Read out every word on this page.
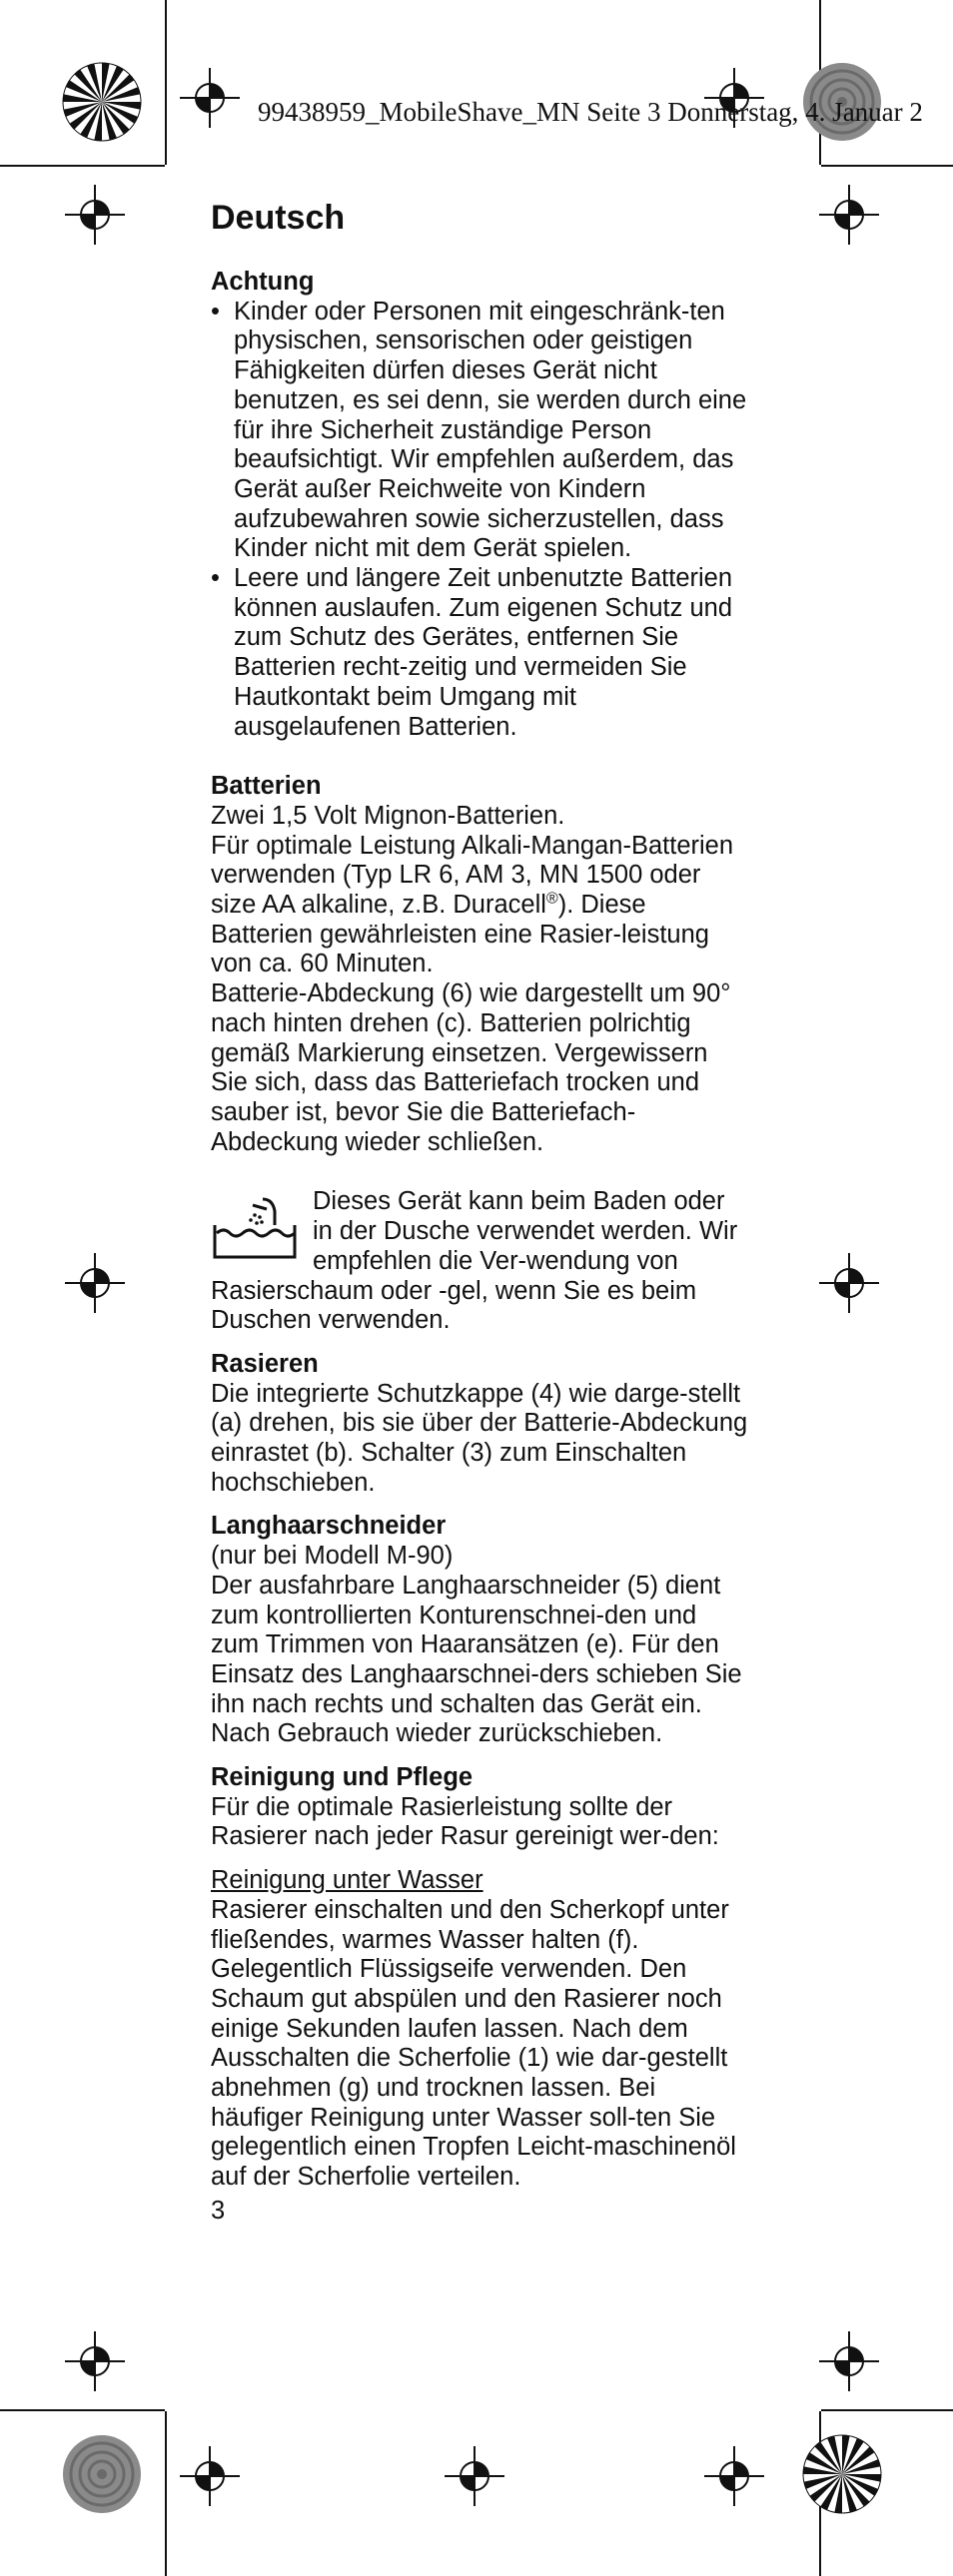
99438959_MobileShave_MN Seite 3 Donnerstag, 4. Januar 2
Deutsch

Achtung

• Kinder oder Personen mit eingeschränk-ten physischen, sensorischen oder geistigen Fähigkeiten dürfen dieses Gerät nicht benutzen, es sei denn, sie werden durch eine für ihre Sicherheit zuständige Person beaufsichtigt. Wir empfehlen außerdem, das Gerät außer Reichweite von Kindern aufzubewahren sowie sicherzustellen, dass Kinder nicht mit dem Gerät spielen.
• Leere und längere Zeit unbenutzte Batterien können auslaufen. Zum eigenen Schutz und zum Schutz des Gerätes, entfernen Sie Batterien recht-zeitig und vermeiden Sie Hautkontakt beim Umgang mit ausgelaufenen Batterien.

Batterien

Zwei 1,5 Volt Mignon-Batterien.

Für optimale Leistung Alkali-Mangan-Batterien verwenden (Typ LR 6, AM 3, MN 1500 oder size AA alkaline, z.B. Duracell®). Diese Batterien gewährleisten eine Rasier-leistung von ca. 60 Minuten.

Batterie-Abdeckung (6) wie dargestellt um 90° nach hinten drehen (c). Batterien polrichtig gemäß Markierung einsetzen. Vergewissern Sie sich, dass das Batteriefach trocken und sauber ist, bevor Sie die Batteriefach-Abdeckung wieder schließen.

Dieses Gerät kann beim Baden oder in der Dusche verwendet werden. Wir empfehlen die Ver-wendung von Rasierschaum oder -gel, wenn Sie es beim Duschen verwenden.

Rasieren

Die integrierte Schutzkappe (4) wie darge-stellt (a) drehen, bis sie über der Batterie-Abdeckung einrastet (b). Schalter (3) zum Einschalten hochschieben.

Langhaarschneider

(nur bei Modell M-90)

Der ausfahrbare Langhaarschneider (5) dient zum kontrollierten Konturenschnei-den und zum Trimmen von Haaransätzen (e). Für den Einsatz des Langhaarschnei-ders schieben Sie ihn nach rechts und schalten das Gerät ein.

Nach Gebrauch wieder zurückschieben.

Reinigung und Pflege

Für die optimale Rasierleistung sollte der Rasierer nach jeder Rasur gereinigt wer-den:

Reinigung unter Wasser

Rasierer einschalten und den Scherkopf unter fließendes, warmes Wasser halten (f). Gelegentlich Flüssigseife verwenden. Den Schaum gut abspülen und den Rasierer noch einige Sekunden laufen lassen. Nach dem Ausschalten die Scherfolie (1) wie dar-gestellt abnehmen (g) und trocknen lassen. Bei häufiger Reinigung unter Wasser soll-ten Sie gelegentlich einen Tropfen Leicht-maschinenöl auf der Scherfolie verteilen.

3
